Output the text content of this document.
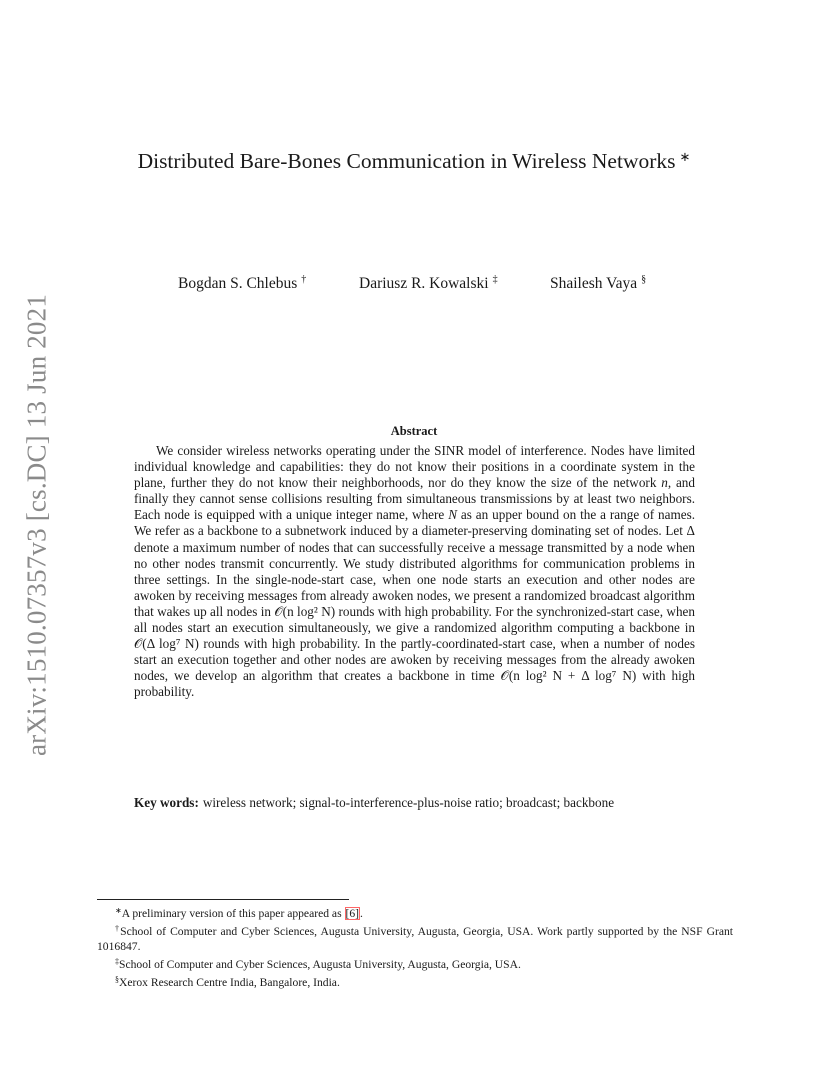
arXiv:1510.07357v3 [cs.DC] 13 Jun 2021
Distributed Bare-Bones Communication in Wireless Networks ∗
Bogdan S. Chlebus †	Dariusz R. Kowalski ‡	Shailesh Vaya §
Abstract
We consider wireless networks operating under the SINR model of interference. Nodes have limited individual knowledge and capabilities: they do not know their positions in a coordinate system in the plane, further they do not know their neighborhoods, nor do they know the size of the network n, and finally they cannot sense collisions resulting from simultaneous transmissions by at least two neighbors. Each node is equipped with a unique integer name, where N as an upper bound on the a range of names. We refer as a backbone to a subnetwork induced by a diameter-preserving dominating set of nodes. Let Δ denote a maximum number of nodes that can successfully receive a message transmitted by a node when no other nodes transmit concurrently. We study distributed algorithms for communication problems in three settings. In the single-node-start case, when one node starts an execution and other nodes are awoken by receiving messages from already awoken nodes, we present a randomized broadcast algorithm that wakes up all nodes in 𝒪(n log² N) rounds with high probability. For the synchronized-start case, when all nodes start an execution simultaneously, we give a randomized algorithm computing a backbone in 𝒪(Δ log⁷ N) rounds with high probability. In the partly-coordinated-start case, when a number of nodes start an execution together and other nodes are awoken by receiving messages from the already awoken nodes, we develop an algorithm that creates a backbone in time 𝒪(n log² N + Δ log⁷ N) with high probability.
Key words: wireless network; signal-to-interference-plus-noise ratio; broadcast; backbone
∗A preliminary version of this paper appeared as [6].
†School of Computer and Cyber Sciences, Augusta University, Augusta, Georgia, USA. Work partly supported by the NSF Grant 1016847.
‡School of Computer and Cyber Sciences, Augusta University, Augusta, Georgia, USA.
§Xerox Research Centre India, Bangalore, India.
